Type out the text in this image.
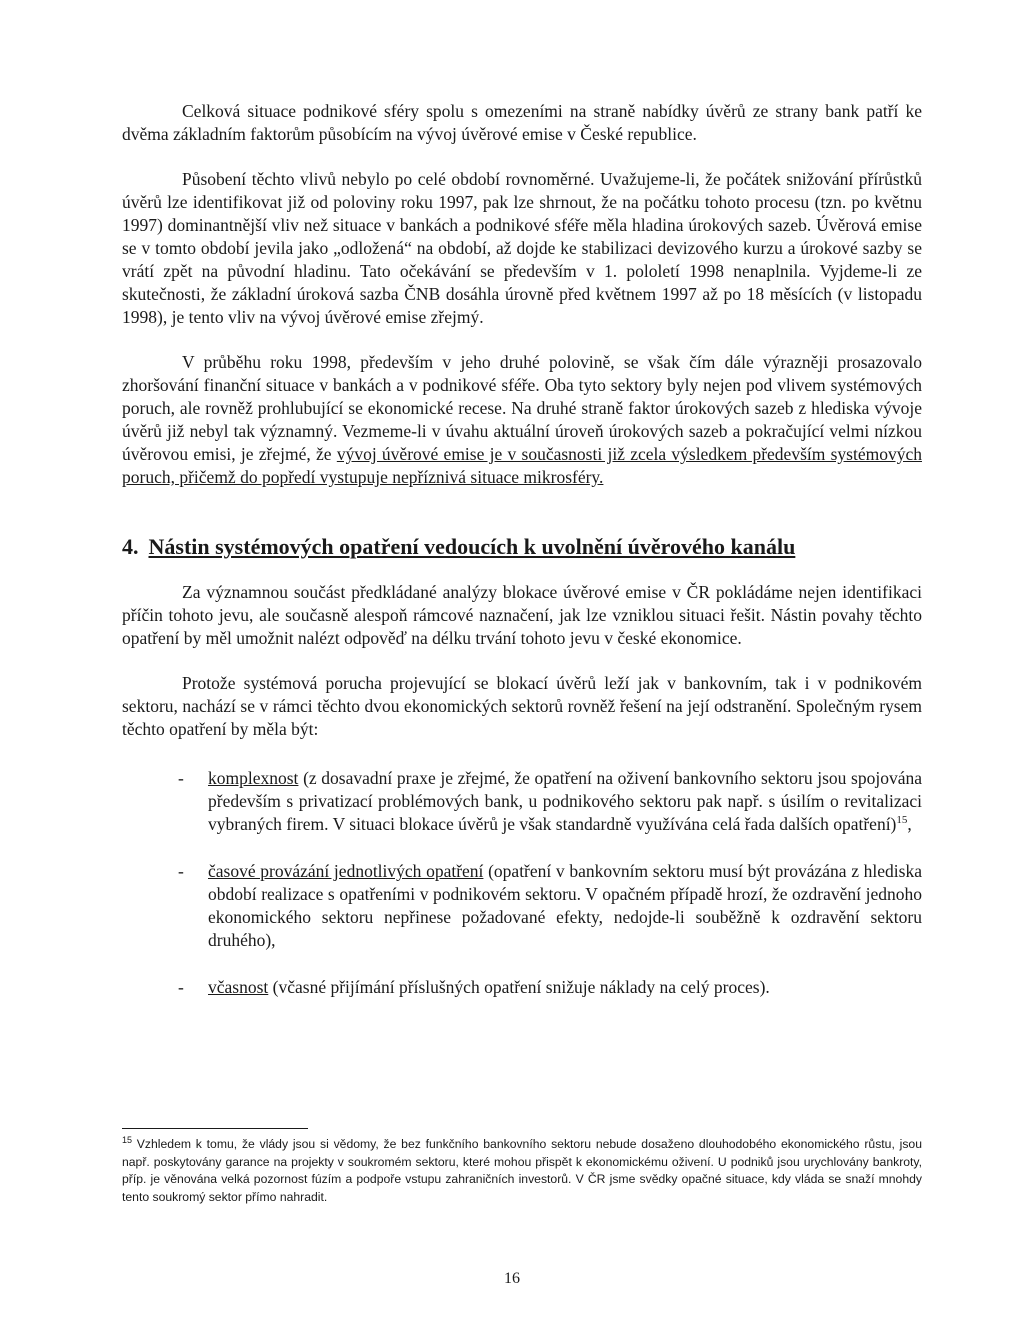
Celková situace podnikové sféry spolu s omezeními na straně nabídky úvěrů ze strany bank patří ke dvěma základním faktorům působícím na vývoj úvěrové emise v České republice.

Působení těchto vlivů nebylo po celé období rovnoměrné. Uvažujeme-li, že počátek snižování přírůstků úvěrů lze identifikovat již od poloviny roku 1997, pak lze shrnout, že na počátku tohoto procesu (tzn. po květnu 1997) dominantnější vliv než situace v bankách a podnikové sféře měla hladina úrokových sazeb. Úvěrová emise se v tomto období jevila jako „odložená“ na období, až dojde ke stabilizaci devizového kurzu a úrokové sazby se vrátí zpět na původní hladinu. Tato očekávání se především v 1. pololetí 1998 nenaplnila. Vyjdeme-li ze skutečnosti, že základní úroková sazba ČNB dosáhla úrovně před květnem 1997 až po 18 měsících (v listopadu 1998), je tento vliv na vývoj úvěrové emise zřejmý.

V průběhu roku 1998, především v jeho druhé polovině, se však čím dále výrazněji prosazovalo zhoršování finanční situace v bankách a v podnikové sféře. Oba tyto sektory byly nejen pod vlivem systémových poruch, ale rovněž prohlubující se ekonomické recese. Na druhé straně faktor úrokových sazeb z hlediska vývoje úvěrů již nebyl tak významný. Vezmeme-li v úvahu aktuální úroveň úrokových sazeb a pokračující velmi nízkou úvěrovou emisi, je zřejmé, že vývoj úvěrové emise je v současnosti již zcela výsledkem především systémových poruch, přičemž do popředí vystupuje nepříznivá situace mikrosféry.

4. Nástin systémových opatření vedoucích k uvolnění úvěrového kanálu

Za významnou součást předkládané analýzy blokace úvěrové emise v ČR pokládáme nejen identifikaci příčin tohoto jevu, ale současně alespoň rámcové naznačení, jak lze vzniklou situaci řešit. Nástin povahy těchto opatření by měl umožnit nalézt odpověď na délku trvání tohoto jevu v české ekonomice.

Protože systémová porucha projevující se blokací úvěrů leží jak v bankovním, tak i v podnikovém sektoru, nachází se v rámci těchto dvou ekonomických sektorů rovněž řešení na její odstranění. Společným rysem těchto opatření by měla být:

- komplexnost (z dosavadní praxe je zřejmé, že opatření na oživení bankovního sektoru jsou spojována především s privatizací problémových bank, u podnikového sektoru pak např. s úsilím o revitalizaci vybraných firem. V situaci blokace úvěrů je však standardně využívána celá řada dalších opatření)$^{15}$,
- časové provázání jednotlivých opatření (opatření v bankovním sektoru musí být provázána z hlediska období realizace s opatřeními v podnikovém sektoru. V opačném případě hrozí, že ozdravění jednoho ekonomického sektoru nepřinese požadované efekty, nedojde-li souběžně k ozdravění sektoru druhého),
- včasnost (včasné přijímání příslušných opatření snižuje náklady na celý proces).
$^{15}$ Vzhledem k tomu, že vlády jsou si vědomy, že bez funkčního bankovního sektoru nebude dosaženo dlouhodobého ekonomického růstu, jsou např. poskytovány garance na projekty v soukromém sektoru, které mohou přispět k ekonomickému oživení. U podniků jsou urychlovány bankroty, příp. je věnována velká pozornost fúzím a podpoře vstupu zahraničních investorů. V ČR jsme svědky opačné situace, kdy vláda se snaží mnohdy tento soukromý sektor přímo nahradit.
16
